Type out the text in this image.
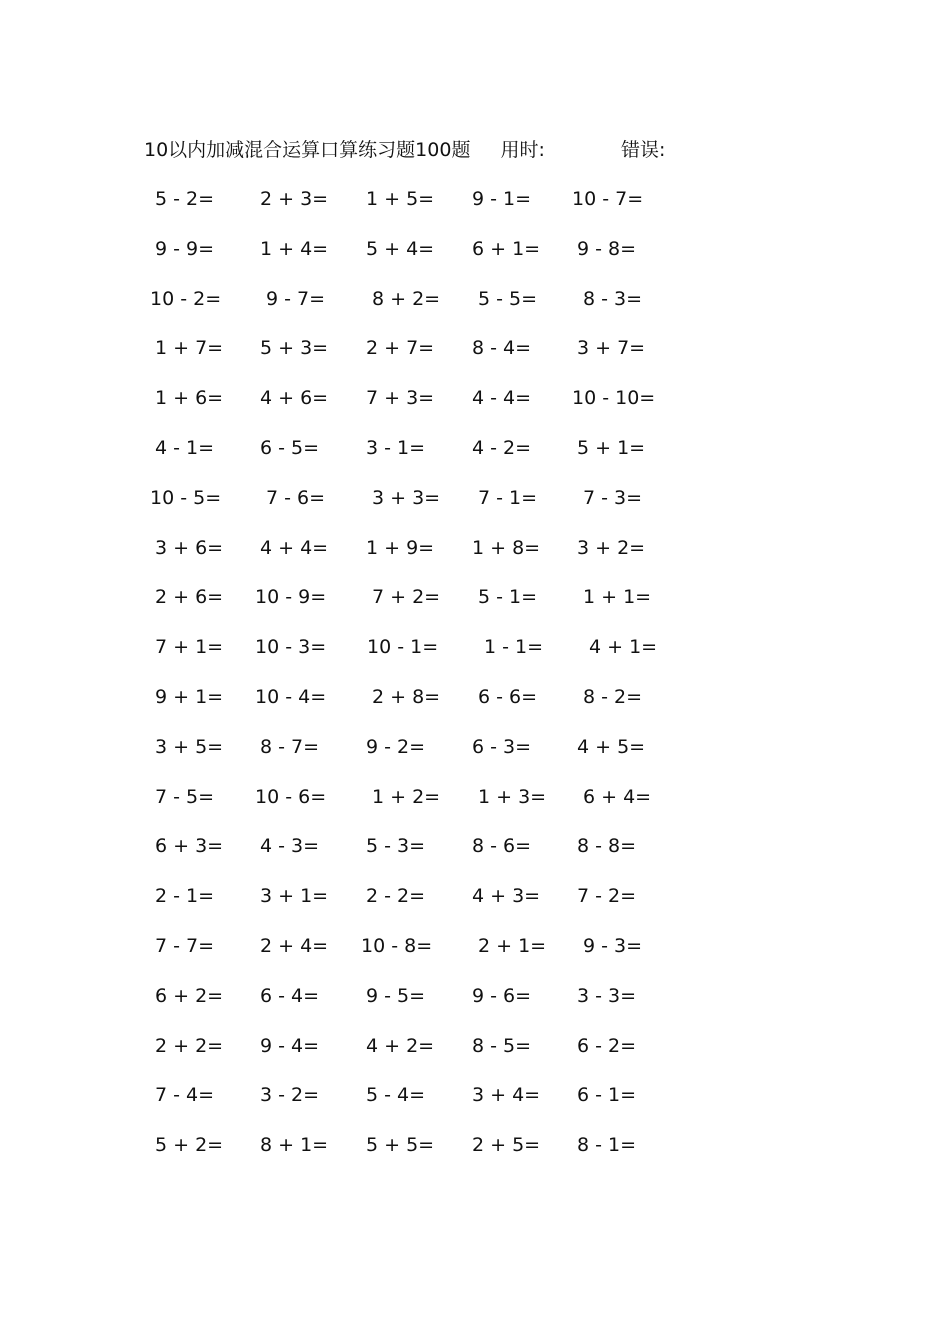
10以内加减混合运算口算练习题100题 用时:	错误:
5 - 2= 2 + 3= 1 + 5= 9 - 1= 10 - 7=
9 - 9= 1 + 4= 5 + 4= 6 + 1= 9 - 8=
10 - 2= 9 - 7= 8 + 2= 5 - 5= 8 - 3=
1 + 7= 5 + 3= 2 + 7= 8 - 4= 3 + 7=
1 + 6= 4 + 6= 7 + 3= 4 - 4= 10 - 10=
4 - 1= 6 - 5= 3 - 1= 4 - 2= 5 + 1=
10 - 5= 7 - 6= 3 + 3= 7 - 1= 7 - 3=
3 + 6= 4 + 4= 1 + 9= 1 + 8= 3 + 2=
2 + 6= 10 - 9= 7 + 2= 5 - 1= 1 + 1=
7 + 1= 10 - 3= 10 - 1= 1 - 1= 4 + 1=
9 + 1= 10 - 4= 2 + 8= 6 - 6= 8 - 2=
3 + 5= 8 - 7= 9 - 2= 6 - 3= 4 + 5=
7 - 5= 10 - 6= 1 + 2= 1 + 3= 6 + 4=
6 + 3= 4 - 3= 5 - 3= 8 - 6= 8 - 8=
2 - 1= 3 + 1= 2 - 2= 4 + 3= 7 - 2=
7 - 7= 2 + 4= 10 - 8= 2 + 1= 9 - 3=
6 + 2= 6 - 4= 9 - 5= 9 - 6= 3 - 3=
2 + 2= 9 - 4= 4 + 2= 8 - 5= 6 - 2=
7 - 4= 3 - 2= 5 - 4= 3 + 4= 6 - 1=
5 + 2= 8 + 1= 5 + 5= 2 + 5= 8 - 1=
